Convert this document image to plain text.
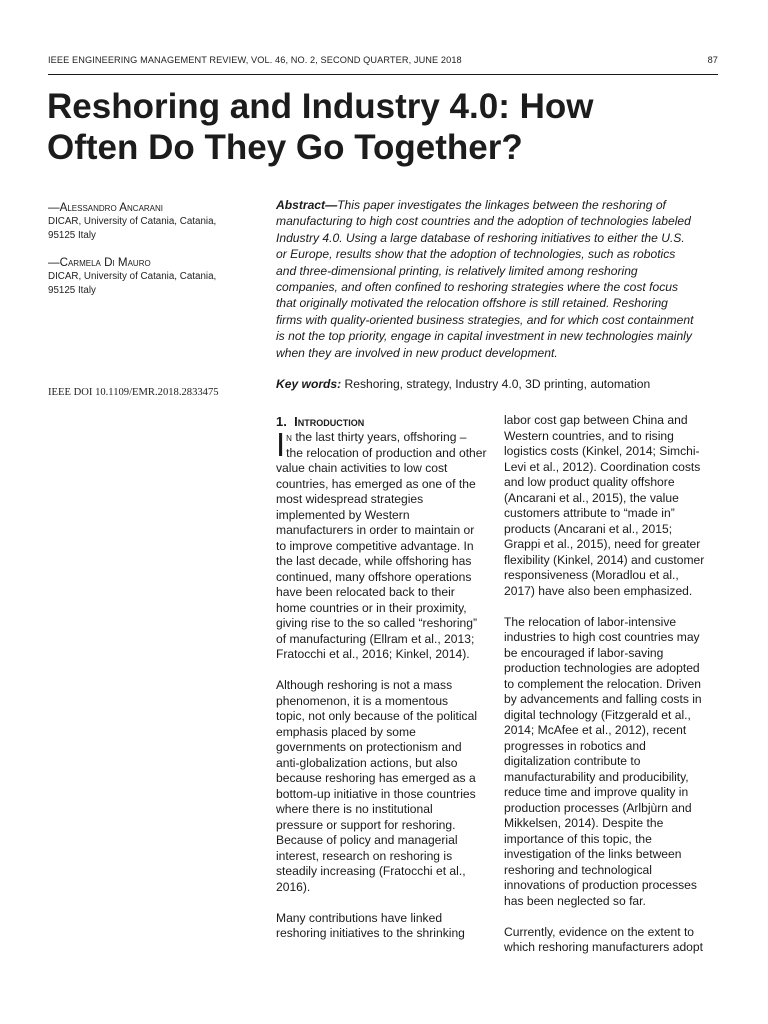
IEEE ENGINEERING MANAGEMENT REVIEW, VOL. 46, NO. 2, SECOND QUARTER, JUNE 2018	87
Reshoring and Industry 4.0: How
Often Do They Go Together?
—Alessandro Ancarani
DICAR, University of Catania, Catania,
95125 Italy
—Carmela Di Mauro
DICAR, University of Catania, Catania,
95125 Italy
IEEE DOI 10.1109/EMR.2018.2833475
Abstract—This paper investigates the linkages between the reshoring of
manufacturing to high cost countries and the adoption of technologies labeled
Industry 4.0. Using a large database of reshoring initiatives to either the U.S.
or Europe, results show that the adoption of technologies, such as robotics
and three-dimensional printing, is relatively limited among reshoring
companies, and often confined to reshoring strategies where the cost focus
that originally motivated the relocation offshore is still retained. Reshoring
firms with quality-oriented business strategies, and for which cost containment
is not the top priority, engage in capital investment in new technologies mainly
when they are involved in new product development.
Key words: Reshoring, strategy, Industry 4.0, 3D printing, automation
1. Introduction
I n the last thirty years, offshoring –
the relocation of production and other
value chain activities to low cost
countries, has emerged as one of the
most widespread strategies
implemented by Western
manufacturers in order to maintain or
to improve competitive advantage. In
the last decade, while offshoring has
continued, many offshore operations
have been relocated back to their
home countries or in their proximity,
giving rise to the so called “reshoring”
of manufacturing (Ellram et al., 2013;
Fratocchi et al., 2016; Kinkel, 2014).
Although reshoring is not a mass
phenomenon, it is a momentous
topic, not only because of the political
emphasis placed by some
governments on protectionism and
anti-globalization actions, but also
because reshoring has emerged as a
bottom-up initiative in those countries
where there is no institutional
pressure or support for reshoring.
Because of policy and managerial
interest, research on reshoring is
steadily increasing (Fratocchi et al.,
2016).
Many contributions have linked
reshoring initiatives to the shrinking
labor cost gap between China and
Western countries, and to rising
logistics costs (Kinkel, 2014; Simchi-
Levi et al., 2012). Coordination costs
and low product quality offshore
(Ancarani et al., 2015), the value
customers attribute to “made in”
products (Ancarani et al., 2015;
Grappi et al., 2015), need for greater
flexibility (Kinkel, 2014) and customer
responsiveness (Moradlou et al.,
2017) have also been emphasized.
The relocation of labor-intensive
industries to high cost countries may
be encouraged if labor-saving
production technologies are adopted
to complement the relocation. Driven
by advancements and falling costs in
digital technology (Fitzgerald et al.,
2014; McAfee et al., 2012), recent
progresses in robotics and
digitalization contribute to
manufacturability and producibility,
reduce time and improve quality in
production processes (Arlbjùrn and
Mikkelsen, 2014). Despite the
importance of this topic, the
investigation of the links between
reshoring and technological
innovations of production processes
has been neglected so far.
Currently, evidence on the extent to
which reshoring manufacturers adopt
